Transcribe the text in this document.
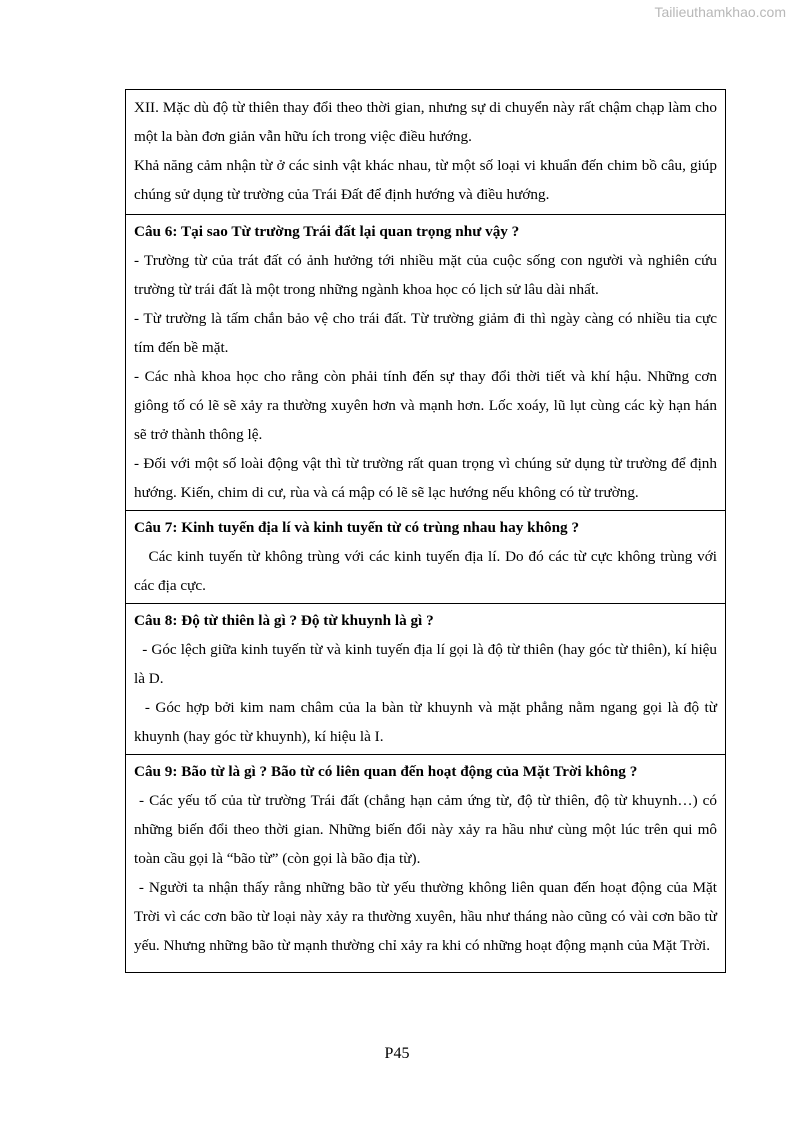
Tailieuthamkhao.com

XII. Mặc dù độ từ thiên thay đổi theo thời gian, nhưng sự di chuyển này rất chậm chạp làm cho một la bàn đơn giản vẫn hữu ích trong việc điều hướng.

Khả năng cảm nhận từ ở các sinh vật khác nhau, từ một số loại vi khuẩn đến chim bồ câu, giúp chúng sử dụng từ trường của Trái Đất để định hướng và điều hướng.

Câu 6: Tại sao Từ trường Trái đất lại quan trọng như vậy ?

- Trường từ của trát đất có ảnh hưởng tới nhiều mặt của cuộc sống con người và nghiên cứu trường từ trái đất là một trong những ngành khoa học có lịch sử lâu dài nhất.

- Từ trường là tấm chắn bảo vệ cho trái đất. Từ trường giảm đi thì ngày càng có nhiều tia cực tím đến bề mặt.

- Các nhà khoa học cho rằng còn phải tính đến sự thay đổi thời tiết và khí hậu. Những cơn giông tố có lẽ sẽ xảy ra thường xuyên hơn và mạnh hơn. Lốc xoáy, lũ lụt cùng các kỳ hạn hán sẽ trở thành thông lệ.

- Đối với một số loài động vật thì từ trường rất quan trọng vì chúng sử dụng từ trường để định hướng. Kiến, chim di cư, rùa và cá mập có lẽ sẽ lạc hướng nếu không có từ trường.

Câu 7: Kinh tuyến địa lí và kinh tuyến từ có trùng nhau hay không ?

Các kinh tuyến từ không trùng với các kinh tuyến địa lí. Do đó các từ cực không trùng với các địa cực.

Câu 8: Độ từ thiên là gì ? Độ từ khuynh là gì ?

- Góc lệch giữa kinh tuyến từ và kinh tuyến địa lí gọi là độ từ thiên (hay góc từ thiên), kí hiệu là D.

- Góc hợp bởi kim nam châm của la bàn từ khuynh và mặt phẳng nằm ngang gọi là độ từ khuynh (hay góc từ khuynh), kí hiệu là I.

Câu 9: Bão từ là gì ? Bão từ có liên quan đến hoạt động của Mặt Trời không ?

- Các yếu tố của từ trường Trái đất (chẳng hạn cảm ứng từ, độ từ thiên, độ từ khuynh…) có những biến đổi theo thời gian. Những biến đổi này xảy ra hầu như cùng một lúc trên qui mô toàn cầu gọi là “bão từ” (còn gọi là bão địa từ).

- Người ta nhận thấy rằng những bão từ yếu thường không liên quan đến hoạt động của Mặt Trời vì các cơn bão từ loại này xảy ra thường xuyên, hầu như tháng nào cũng có vài cơn bão từ yếu. Nhưng những bão từ mạnh thường chỉ xảy ra khi có những hoạt động mạnh của Mặt Trời.

P45
